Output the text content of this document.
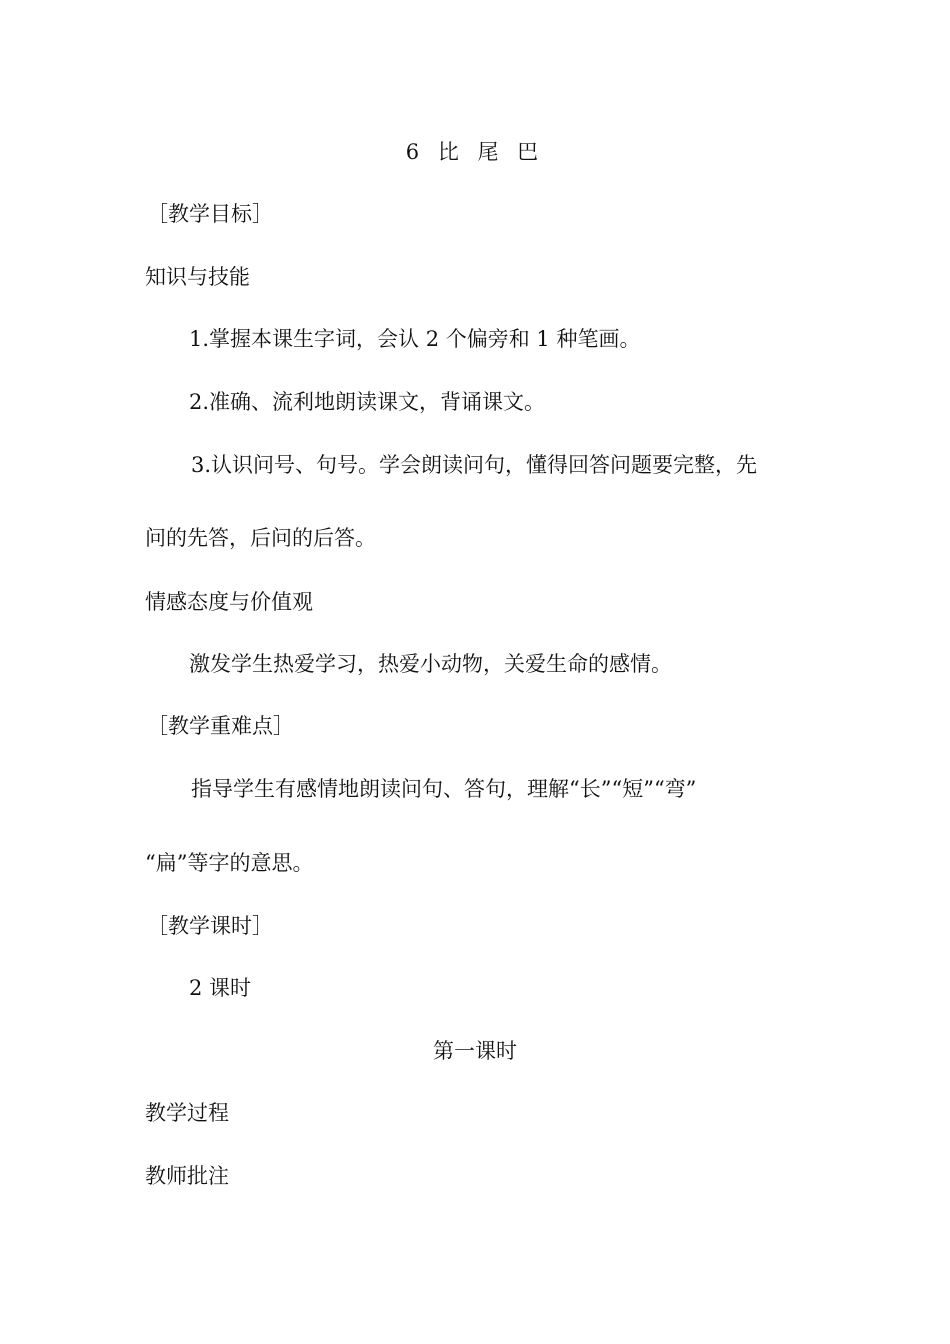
6 比 尾 巴
［教学目标］
知识与技能
1.掌握本课生字词，会认 2 个偏旁和 1 种笔画。
2.准确、流利地朗读课文，背诵课文。
3.认识问号、句号。学会朗读问句，懂得回答问题要完整，先
问的先答，后问的后答。
情感态度与价值观
激发学生热爱学习，热爱小动物，关爱生命的感情。
［教学重难点］
指导学生有感情地朗读问句、答句，理解“长”“短”“弯”
“扁”等字的意思。
［教学课时］
2 课时
第一课时
教学过程
教师批注
